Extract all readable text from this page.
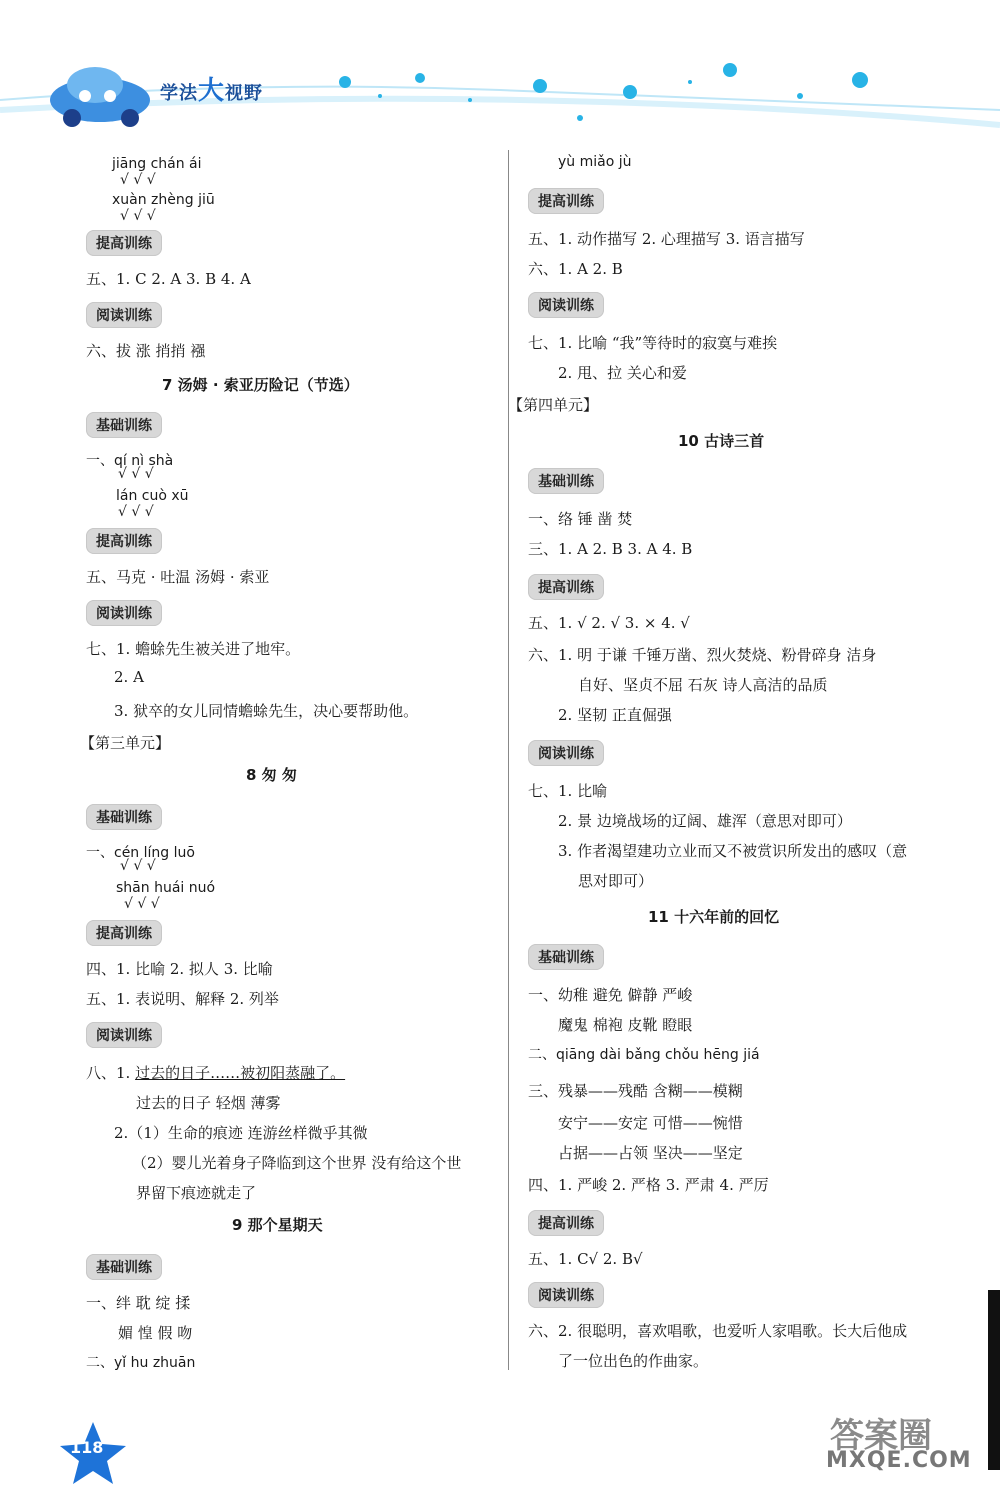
学法大视野
jiāng chán ái
√ √ √
xuàn zhèng jiū
√ √ √
提高训练
五、1. C 2. A 3. B 4. A
阅读训练
六、拔 涨 捎捎 襁
7 汤姆 · 索亚历险记（节选）
基础训练
一、qí nì shà
√ √ √
lán cuò xū
√ √ √
提高训练
五、马克 · 吐温 汤姆 · 索亚
阅读训练
七、1. 蟾蜍先生被关进了地牢。
2. A
3. 狱卒的女儿同情蟾蜍先生，决心要帮助他。
【第三单元】
8 匆 匆
基础训练
一、cén líng luō
√ √ √
shān huái nuó
√ √ √
提高训练
四、1. 比喻 2. 拟人 3. 比喻
五、1. 表说明、解释 2. 列举
阅读训练
八、1. 过去的日子……被初阳蒸融了。
过去的日子 轻烟 薄雾
2.（1）生命的痕迹 连游丝样微乎其微
（2）婴儿光着身子降临到这个世界 没有给这个世
界留下痕迹就走了
9 那个星期天
基础训练
一、绊 耽 绽 揉
媚 惶 假 吻
二、yǐ hu zhuān
yù miǎo jù
提高训练
五、1. 动作描写 2. 心理描写 3. 语言描写
六、1. A 2. B
阅读训练
七、1. 比喻 “我”等待时的寂寞与难挨
2. 甩、拉 关心和爱
【第四单元】
10 古诗三首
基础训练
一、络 锤 凿 焚
三、1. A 2. B 3. A 4. B
提高训练
五、1. √ 2. √ 3. × 4. √
六、1. 明 于谦 千锤万凿、烈火焚烧、粉骨碎身 洁身
自好、坚贞不屈 石灰 诗人高洁的品质
2. 坚韧 正直倔强
阅读训练
七、1. 比喻
2. 景 边境战场的辽阔、雄浑（意思对即可）
3. 作者渴望建功立业而又不被赏识所发出的感叹（意
思对即可）
11 十六年前的回忆
基础训练
一、幼稚 避免 僻静 严峻
魔鬼 棉袍 皮靴 瞪眼
二、qiāng dài bǎng chǒu hēng jiá
三、残暴——残酷 含糊——模糊
安宁——安定 可惜——惋惜
占据——占领 坚决——坚定
四、1. 严峻 2. 严格 3. 严肃 4. 严厉
提高训练
五、1. C√ 2. B√
阅读训练
六、2. 很聪明，喜欢唱歌，也爱听人家唱歌。长大后他成
了一位出色的作曲家。
118	答案圈
MXQE.COM
